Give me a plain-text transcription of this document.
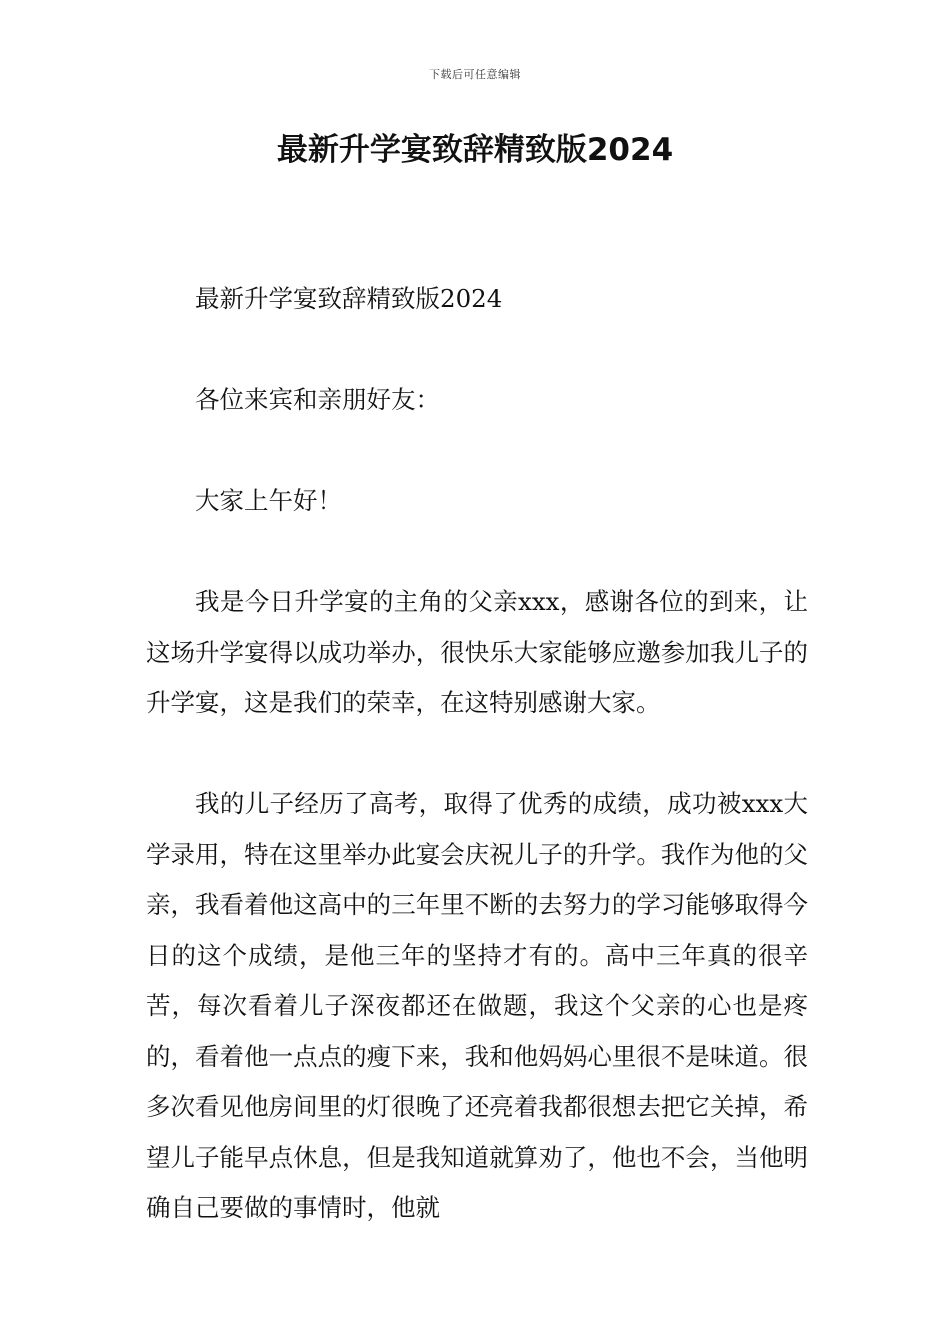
下载后可任意编辑
最新升学宴致辞精致版2024

最新升学宴致辞精致版2024

各位来宾和亲朋好友：

大家上午好！

我是今日升学宴的主角的父亲xxx，感谢各位的到来，让这场升学宴得以成功举办，很快乐大家能够应邀参加我儿子的升学宴，这是我们的荣幸，在这特别感谢大家。

我的儿子经历了高考，取得了优秀的成绩，成功被xxx大学录用，特在这里举办此宴会庆祝儿子的升学。我作为他的父亲，我看着他这高中的三年里不断的去努力的学习能够取得今日的这个成绩，是他三年的坚持才有的。高中三年真的很辛苦，每次看着儿子深夜都还在做题，我这个父亲的心也是疼的，看着他一点点的瘦下来，我和他妈妈心里很不是味道。很多次看见他房间里的灯很晚了还亮着我都很想去把它关掉，希望儿子能早点休息，但是我知道就算劝了，他也不会，当他明确自己要做的事情时，他就
